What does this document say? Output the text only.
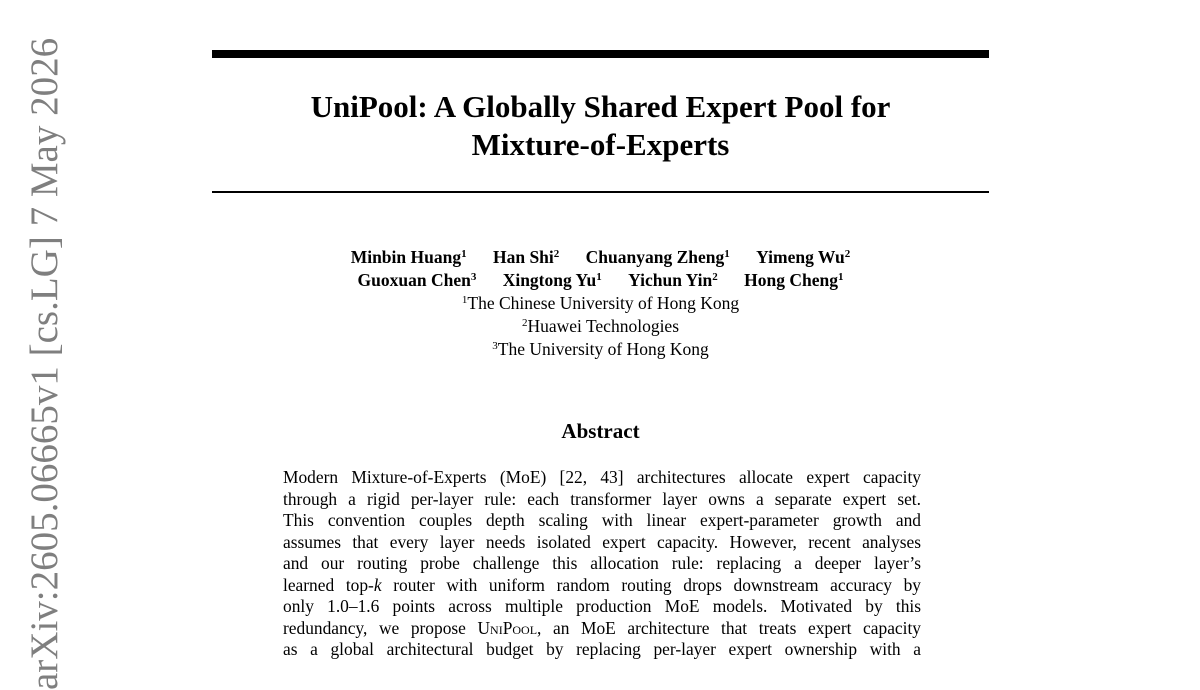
UniPool: A Globally Shared Expert Pool for
Mixture-of-Experts
Minbin Huang$^1$ Han Shi$^2$ Chuanyang Zheng$^1$ Yimeng Wu$^2$
Guoxuan Chen$^3$ Xingtong Yu$^1$ Yichun Yin$^2$ Hong Cheng$^1$
$^1$The Chinese University of Hong Kong
$^2$Huawei Technologies
$^3$The University of Hong Kong
Abstract
Modern Mixture-of-Experts (MoE) [22, 43] architectures allocate expert capacity
through a rigid per-layer rule: each transformer layer owns a separate expert set.
This convention couples depth scaling with linear expert-parameter growth and
assumes that every layer needs isolated expert capacity. However, recent analyses
and our routing probe challenge this allocation rule: replacing a deeper layer’s
learned top-k router with uniform random routing drops downstream accuracy by
only 1.0–1.6 points across multiple production MoE models. Motivated by this
redundancy, we propose UniPool, an MoE architecture that treats expert capacity
as a global architectural budget by replacing per-layer expert ownership with a
arXiv:2605.06665v1 [cs.LG] 7 May 2026
